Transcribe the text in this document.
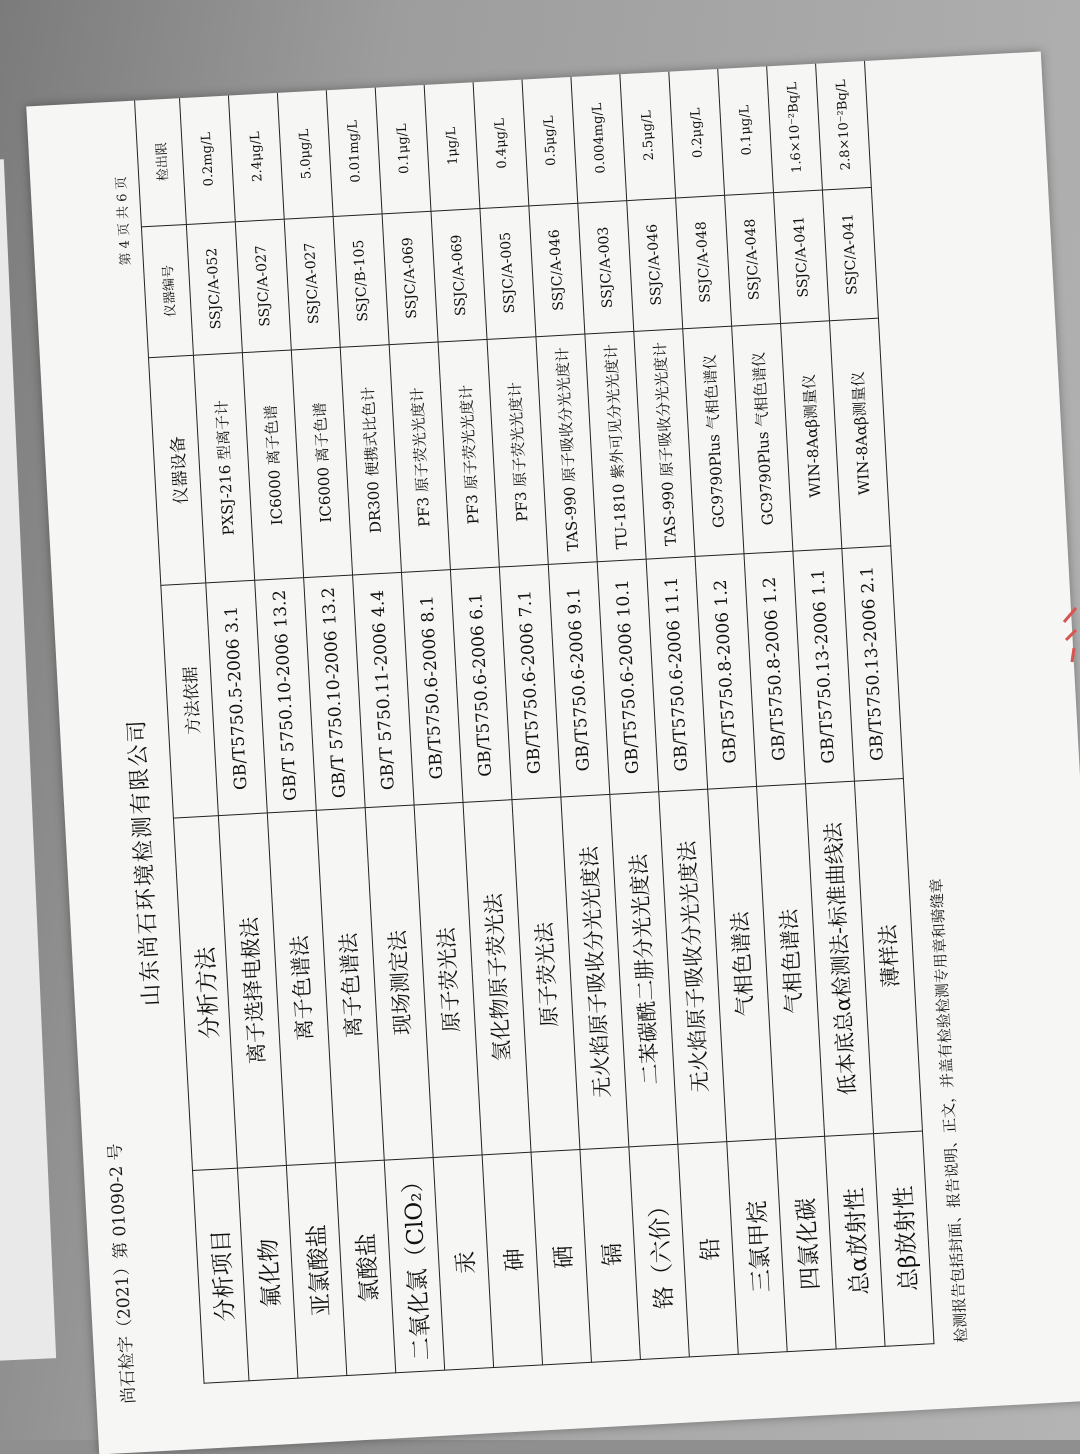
尚石检字（2021）第 01090-2 号
山东尚石环境检测有限公司
第 4 页 共 6 页
分析项目	分析方法	方法依据	仪器设备	仪器编号	检出限
氟化物	离子选择电极法	GB/T5750.5-2006 3.1	PXSJ-216 型离子计	SSJC/A-052	0.2mg/L
亚氯酸盐	离子色谱法	GB/T 5750.10-2006 13.2	IC6000 离子色谱	SSJC/A-027	2.4μg/L
氯酸盐	离子色谱法	GB/T 5750.10-2006 13.2	IC6000 离子色谱	SSJC/A-027	5.0μg/L
二氧化氯（ClO₂）	现场测定法	GB/T 5750.11-2006 4.4	DR300 便携式比色计	SSJC/B-105	0.01mg/L
汞	原子荧光法	GB/T5750.6-2006 8.1	PF3 原子荧光光度计	SSJC/A-069	0.1μg/L
砷	氢化物原子荧光法	GB/T5750.6-2006 6.1	PF3 原子荧光光度计	SSJC/A-069	1μg/L
硒	原子荧光法	GB/T5750.6-2006 7.1	PF3 原子荧光光度计	SSJC/A-005	0.4μg/L
镉	无火焰原子吸收分光光度法	GB/T5750.6-2006 9.1	TAS-990 原子吸收分光光度计	SSJC/A-046	0.5μg/L
铬（六价）	二苯碳酰二肼分光光度法	GB/T5750.6-2006 10.1	TU-1810 紫外可见分光光度计	SSJC/A-003	0.004mg/L
铅	无火焰原子吸收分光光度法	GB/T5750.6-2006 11.1	TAS-990 原子吸收分光光度计	SSJC/A-046	2.5μg/L
三氯甲烷	气相色谱法	GB/T5750.8-2006 1.2	GC9790Plus 气相色谱仪	SSJC/A-048	0.2μg/L
四氯化碳	气相色谱法	GB/T5750.8-2006 1.2	GC9790Plus 气相色谱仪	SSJC/A-048	0.1μg/L
总α放射性	低本底总α检测法-标准曲线法	GB/T5750.13-2006 1.1	WIN-8Aαβ测量仪	SSJC/A-041	1.6×10⁻²Bq/L
总β放射性	薄样法	GB/T5750.13-2006 2.1	WIN-8Aαβ测量仪	SSJC/A-041	2.8×10⁻²Bq/L
检测报告包括封面、报告说明、正文，并盖有检验检测专用章和骑缝章
